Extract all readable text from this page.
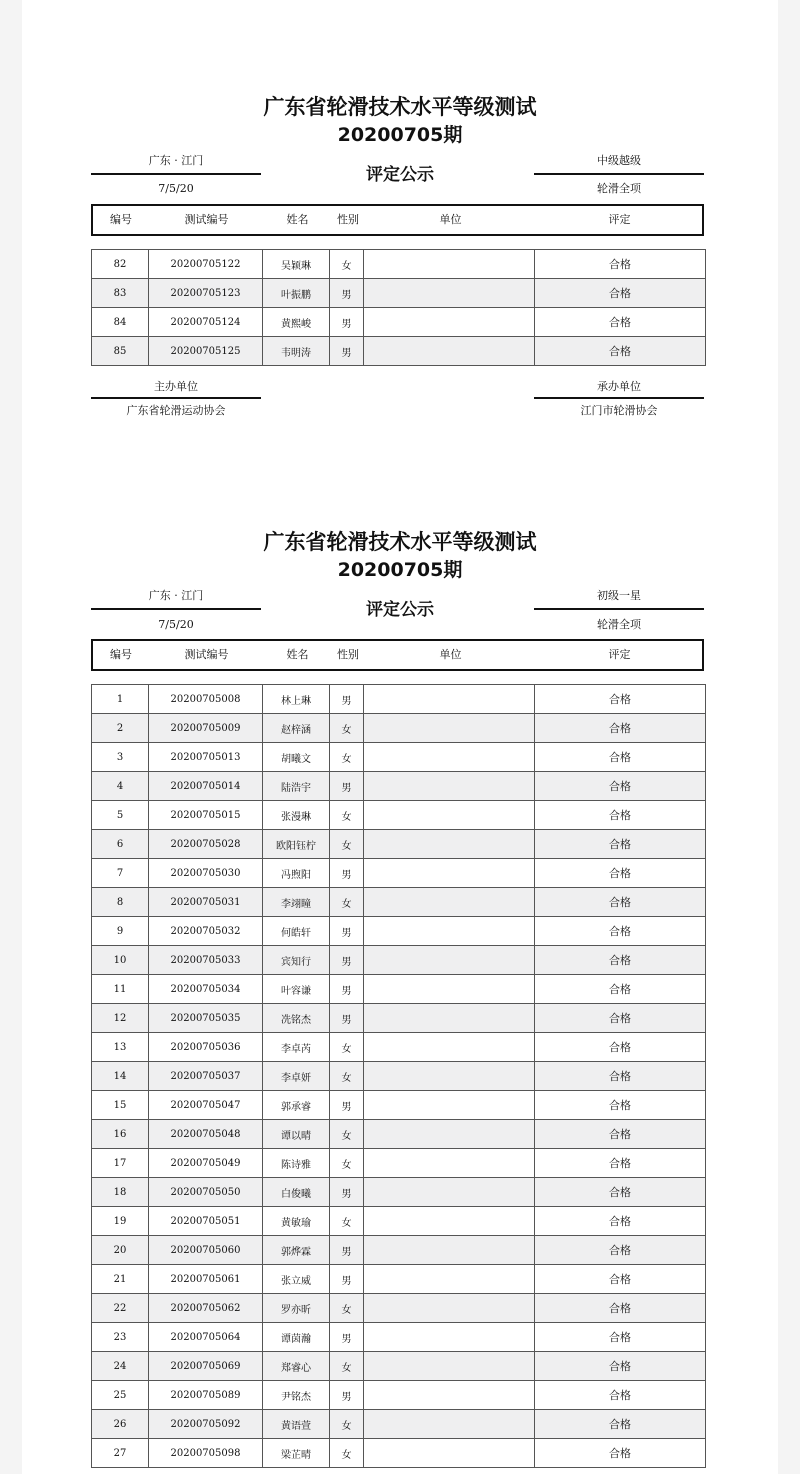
广东省轮滑技术水平等级测试
20200705期
广东 · 江门
7/5/20
评定公示
中级越级
轮滑全项
编号	测试编号	姓名	性别	单位	评定
82	20200705122	吴颖琳	女		合格
83	20200705123	叶振鹏	男		合格
84	20200705124	黄熙峻	男		合格
85	20200705125	韦明涛	男		合格
主办单位
广东省轮滑运动协会
承办单位
江门市轮滑协会
广东省轮滑技术水平等级测试
20200705期
广东 · 江门
7/5/20
评定公示
初级一星
轮滑全项
编号	测试编号	姓名	性别	单位	评定
1	20200705008	林上琳	男		合格
2	20200705009	赵梓涵	女		合格
3	20200705013	胡曦文	女		合格
4	20200705014	陆浩宇	男		合格
5	20200705015	张漫琳	女		合格
6	20200705028	欧阳钰柠	女		合格
7	20200705030	冯煦阳	男		合格
8	20200705031	李翊瞳	女		合格
9	20200705032	何皓轩	男		合格
10	20200705033	宾知行	男		合格
11	20200705034	叶容谦	男		合格
12	20200705035	冼铭杰	男		合格
13	20200705036	李卓芮	女		合格
14	20200705037	李卓妍	女		合格
15	20200705047	郭承睿	男		合格
16	20200705048	谭以晴	女		合格
17	20200705049	陈诗雅	女		合格
18	20200705050	白俊曦	男		合格
19	20200705051	黄敏瑜	女		合格
20	20200705060	郭烨霖	男		合格
21	20200705061	张立威	男		合格
22	20200705062	罗亦昕	女		合格
23	20200705064	谭茵瀚	男		合格
24	20200705069	郑睿心	女		合格
25	20200705089	尹铭杰	男		合格
26	20200705092	黄语萱	女		合格
27	20200705098	梁芷晴	女		合格
